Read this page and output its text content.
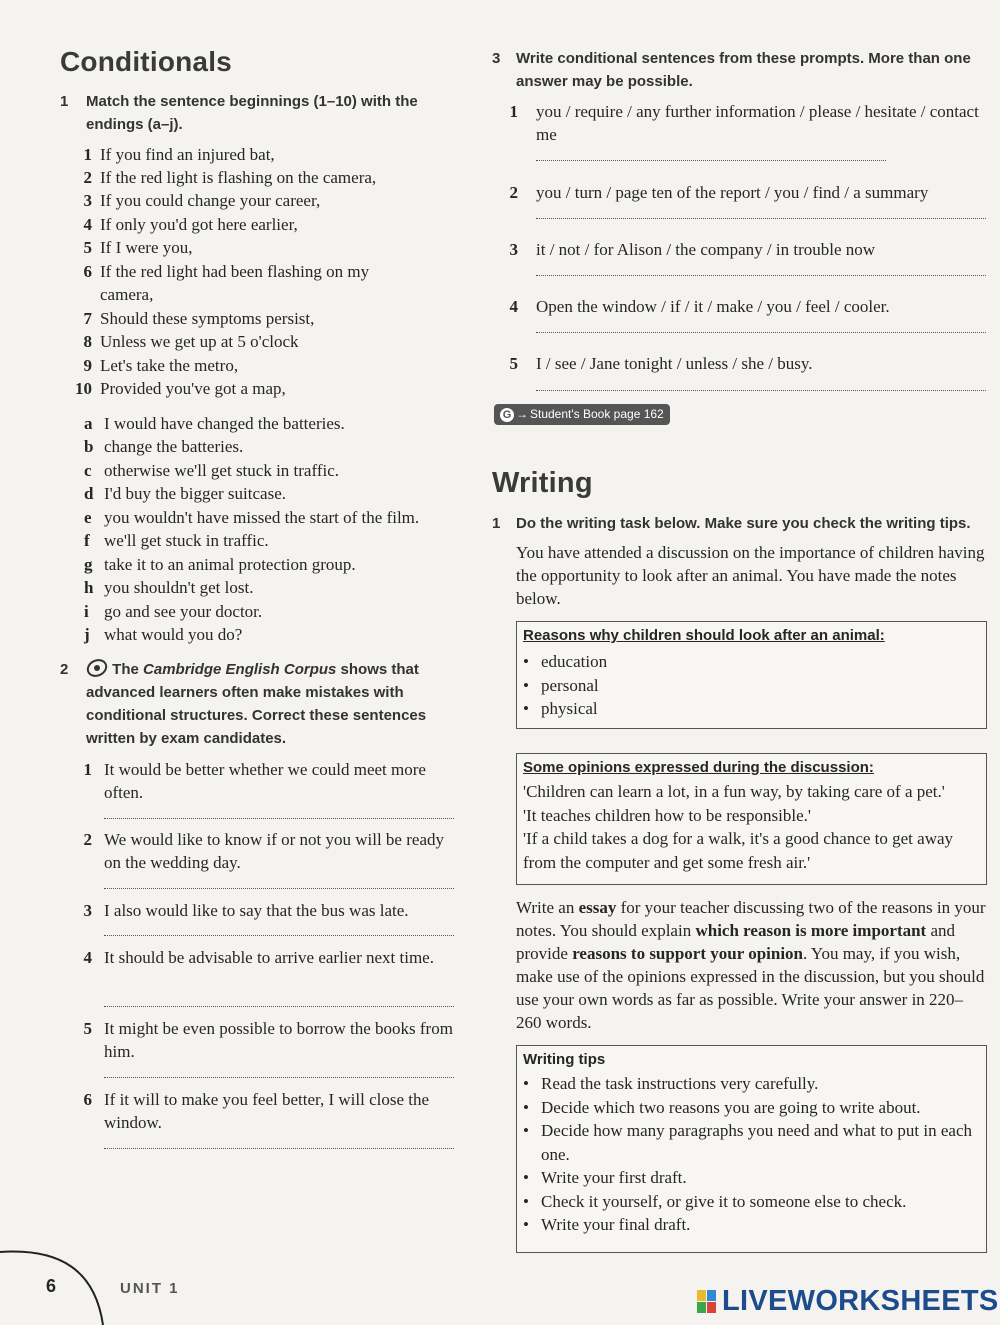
Conditionals
1 Match the sentence beginnings (1–10) with the endings (a–j).
1 If you find an injured bat,
2 If the red light is flashing on the camera,
3 If you could change your career,
4 If only you'd got here earlier,
5 If I were you,
6 If the red light had been flashing on my camera,
7 Should these symptoms persist,
8 Unless we get up at 5 o'clock
9 Let's take the metro,
10 Provided you've got a map,
a I would have changed the batteries.
b change the batteries.
c otherwise we'll get stuck in traffic.
d I'd buy the bigger suitcase.
e you wouldn't have missed the start of the film.
f we'll get stuck in traffic.
g take it to an animal protection group.
h you shouldn't get lost.
i go and see your doctor.
j what would you do?
2	The Cambridge English Corpus shows that advanced learners often make mistakes with conditional structures. Correct these sentences written by exam candidates.
1 It would be better whether we could meet more often.
2 We would like to know if or not you will be ready on the wedding day.
3 I also would like to say that the bus was late.
4 It should be advisable to arrive earlier next time.
5 It might be even possible to borrow the books from him.
6 If it will to make you feel better, I will close the window.
3 Write conditional sentences from these prompts. More than one answer may be possible.
1 you / require / any further information / please / hesitate / contact me
2 you / turn / page ten of the report / you / find / a summary
3 it / not / for Alison / the company / in trouble now
4 Open the window / if / it / make / you / feel / cooler.
5 I / see / Jane tonight / unless / she / busy.
G → Student's Book page 162
Writing
1 Do the writing task below. Make sure you check the writing tips.
You have attended a discussion on the importance of children having the opportunity to look after an animal. You have made the notes below.
Reasons why children should look after an animal:
• education
• personal
• physical
Some opinions expressed during the discussion:
'Children can learn a lot, in a fun way, by taking care of a pet.'
'It teaches children how to be responsible.'
'If a child takes a dog for a walk, it's a good chance to get away from the computer and get some fresh air.'
Write an essay for your teacher discussing two of the reasons in your notes. You should explain which reason is more important and provide reasons to support your opinion. You may, if you wish, make use of the opinions expressed in the discussion, but you should use your own words as far as possible. Write your answer in 220–260 words.
Writing tips
• Read the task instructions very carefully.
• Decide which two reasons you are going to write about.
• Decide how many paragraphs you need and what to put in each one.
• Write your first draft.
• Check it yourself, or give it to someone else to check.
• Write your final draft.
6	UNIT 1	LIVEWORKSHEETS
